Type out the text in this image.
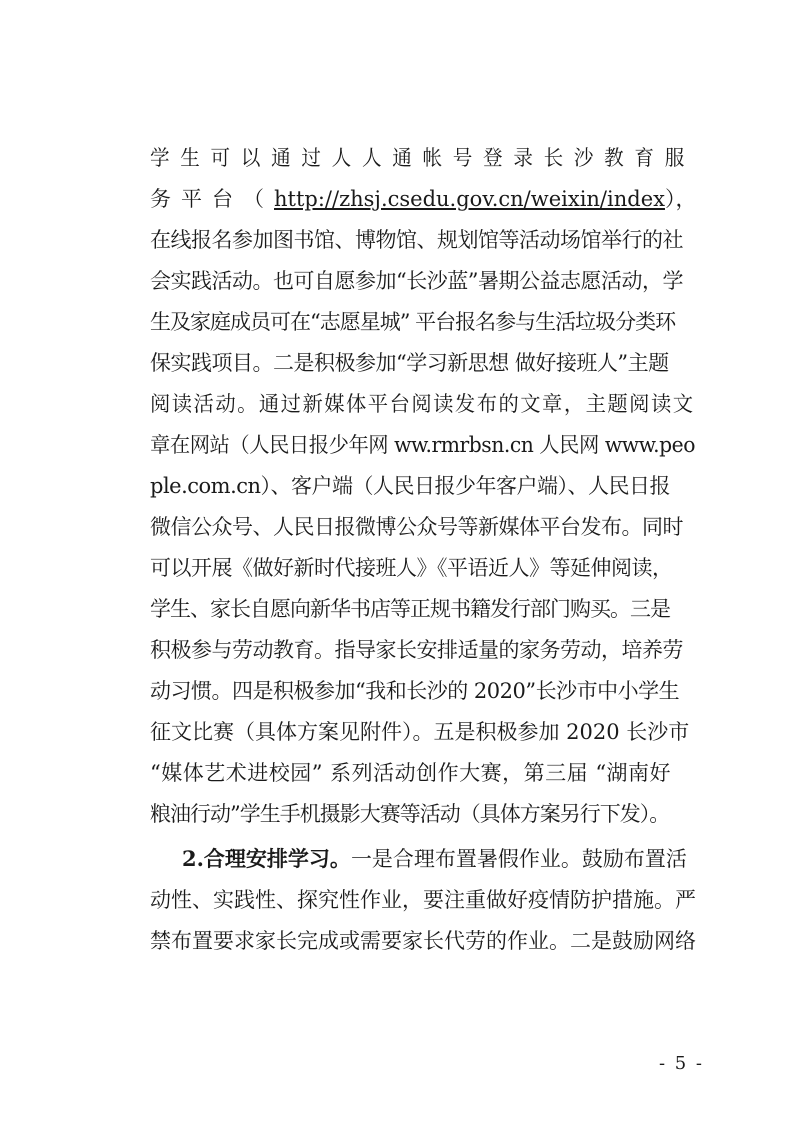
学生可以通过人人通帐号登录长沙教育服
务平台（http://zhsj.csedu.gov.cn/weixin/index），
在线报名参加图书馆、博物馆、规划馆等活动场馆举行的社
会实践活动。也可自愿参加“长沙蓝”暑期公益志愿活动，学
生及家庭成员可在“志愿星城” 平台报名参与生活垃圾分类环
保实践项目。二是积极参加“学习新思想 做好接班人”主题
阅读活动。通过新媒体平台阅读发布的文章，主题阅读文
章在网站（人民日报少年网 ww.rmrbsn.cn 人民网 www.peo
ple.com.cn）、客户端（人民日报少年客户端）、人民日报
微信公众号、人民日报微博公众号等新媒体平台发布。同时
可以开展《做好新时代接班人》《平语近人》等延伸阅读，
学生、家长自愿向新华书店等正规书籍发行部门购买。三是
积极参与劳动教育。指导家长安排适量的家务劳动，培养劳
动习惯。四是积极参加“我和长沙的 2020”长沙市中小学生
征文比赛（具体方案见附件）。五是积极参加 2020 长沙市
“媒体艺术进校园” 系列活动创作大赛，第三届 “湖南好
粮油行动”学生手机摄影大赛等活动（具体方案另行下发）。
2.合理安排学习。一是合理布置暑假作业。鼓励布置活
动性、实践性、探究性作业，要注重做好疫情防护措施。严
禁布置要求家长完成或需要家长代劳的作业。二是鼓励网络
- 5 -
